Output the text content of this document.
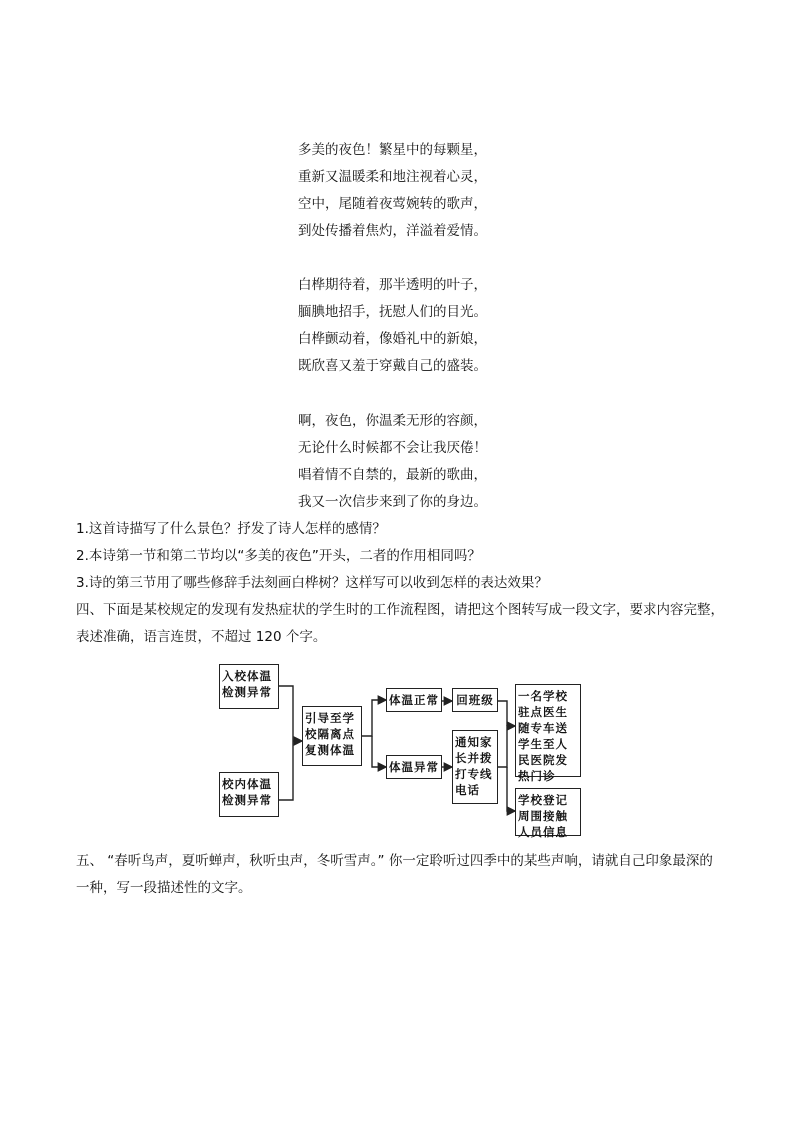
多美的夜色！繁星中的每颗星，
重新又温暖柔和地注视着心灵，
空中，尾随着夜莺婉转的歌声，
到处传播着焦灼，洋溢着爱情。
白桦期待着，那半透明的叶子，
腼腆地招手，抚慰人们的目光。
白桦颤动着，像婚礼中的新娘，
既欣喜又羞于穿戴自己的盛装。
啊，夜色，你温柔无形的容颜，
无论什么时候都不会让我厌倦！
唱着情不自禁的，最新的歌曲，
我又一次信步来到了你的身边。
1.这首诗描写了什么景色？抒发了诗人怎样的感情？
2.本诗第一节和第二节均以“多美的夜色”开头，二者的作用相同吗？
3.诗的第三节用了哪些修辞手法刻画白桦树？这样写可以收到怎样的表达效果？
四、下面是某校规定的发现有发热症状的学生时的工作流程图，请把这个图转写成一段文字，要求内容完整，表述准确，语言连贯，不超过 120 个字。
入校体温检测异常
校内体温检测异常
引导至学校隔离点复测体温
体温正常	回班级
体温异常
通知家长并拨打专线电话
一名学校驻点医生随专车送学生至人民医院发热门诊
学校登记周围接触人员信息
五、 “春听鸟声，夏听蝉声，秋听虫声，冬听雪声。” 你一定聆听过四季中的某些声响，请就自己印象最深的一种，写一段描述性的文字。
